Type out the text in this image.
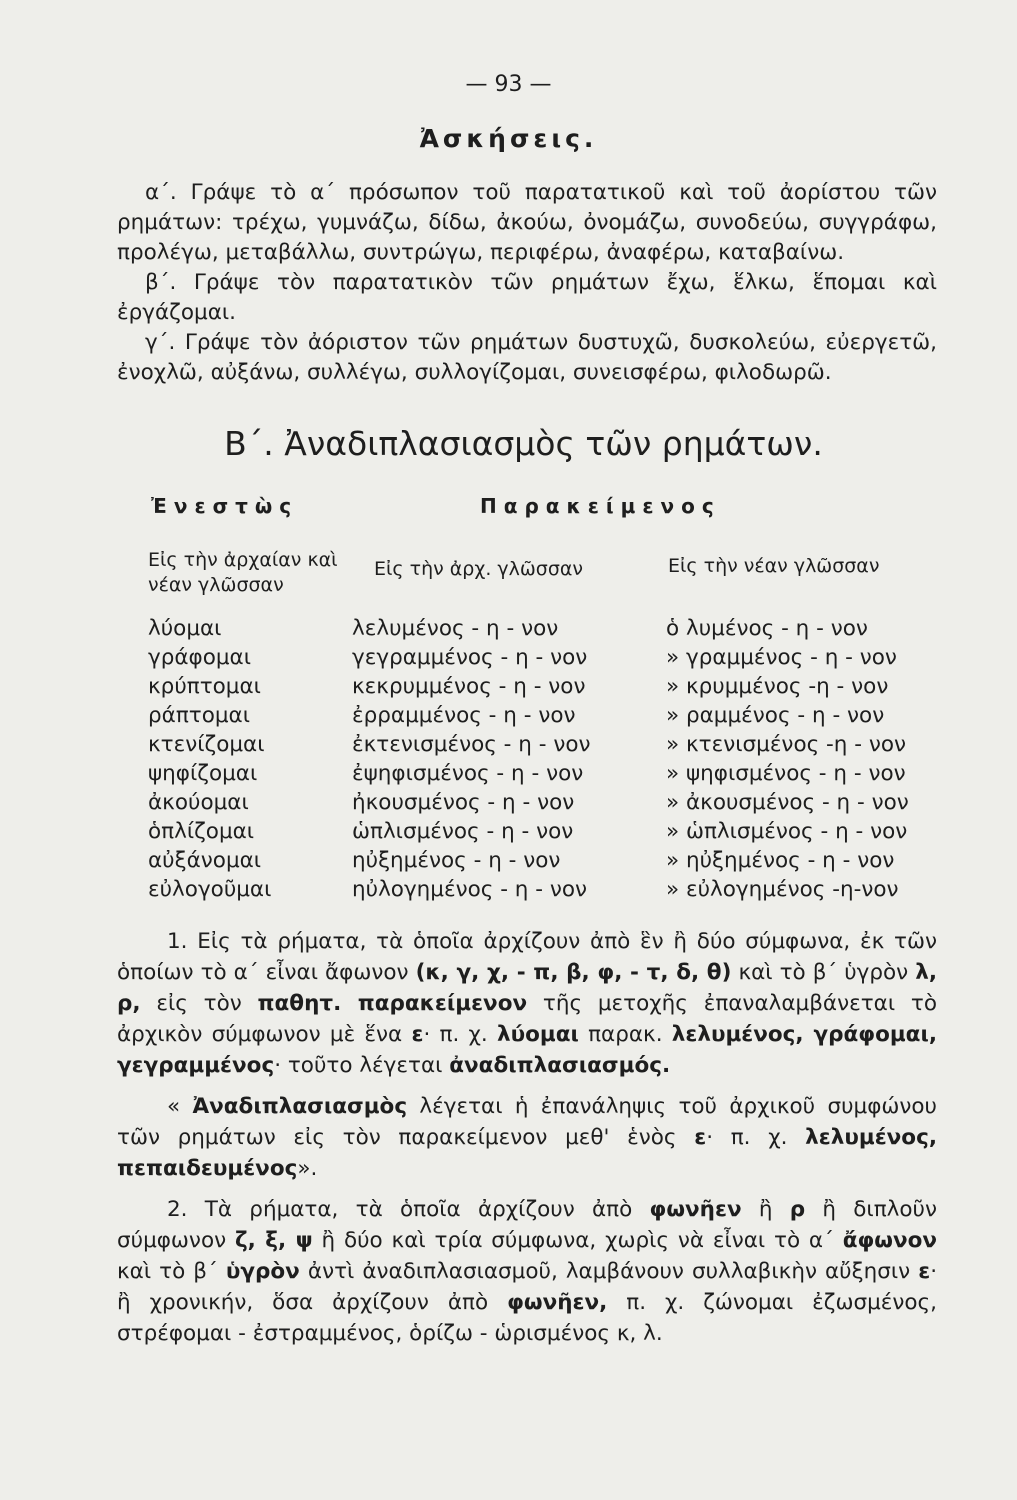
— 93 —
Ἀσκήσεις.

α΄. Γράψε τὸ α΄ πρόσωπον τοῦ παρατατικοῦ καὶ τοῦ ἀορίστου τῶν ρημάτων: τρέχω, γυμνάζω, δίδω, ἀκούω, ὀνομάζω, συνοδεύω, συγγράφω, προλέγω, μεταβάλλω, συντρώγω, περιφέρω, ἀναφέρω, καταβαίνω.

β΄. Γράψε τὸν παρατατικὸν τῶν ρημάτων ἔχω, ἕλκω, ἕπομαι καὶ ἐργάζομαι.

γ΄. Γράψε τὸν ἀόριστον τῶν ρημάτων δυστυχῶ, δυσκολεύω, εὐεργετῶ, ἐνοχλῶ, αὐξάνω, συλλέγω, συλλογίζομαι, συνεισφέρω, φιλοδωρῶ.

Β΄. Ἀναδιπλασιασμὸς τῶν ρημάτων.
Ἐνεστὼς	Παρακείμενος
Εἰς τὴν ἀρχαίαν καὶ νέαν γλῶσσαν
Εἰς τὴν ἀρχ. γλῶσσαν	Εἰς τὴν νέαν γλῶσσαν
λύομαι
γράφομαι
κρύπτομαι
ράπτομαι
κτενίζομαι
ψηφίζομαι
ἀκούομαι
ὁπλίζομαι
αὐξάνομαι
εὐλογοῦμαι
λελυμένος - η - νον
γεγραμμένος - η - νον
κεκρυμμένος - η - νον
ἐρραμμένος - η - νον
ἐκτενισμένος - η - νον
ἐψηφισμένος - η - νον
ἠκουσμένος - η - νον
ὡπλισμένος - η - νον
ηὐξημένος - η - νον
ηὐλογημένος - η - νον
ὁ λυμένος - η - νον
» γραμμένος - η - νον
» κρυμμένος -η - νον
» ραμμένος - η - νον
» κτενισμένος -η - νον
» ψηφισμένος - η - νον
» ἀκουσμένος - η - νον
» ὡπλισμένος - η - νον
» ηὐξημένος - η - νον
» εὐλογημένος -η-νον

1. Εἰς τὰ ρήματα, τὰ ὁποῖα ἀρχίζουν ἀπὸ ἓν ἢ δύο σύμφωνα, ἐκ τῶν ὁποίων τὸ α΄ εἶναι ἄφωνον (κ, γ, χ, - π, β, φ, - τ, δ, θ) καὶ τὸ β΄ ὑγρὸν λ, ρ, εἰς τὸν παθητ. παρακείμενον τῆς μετοχῆς ἐπαναλαμβάνεται τὸ ἀρχικὸν σύμφωνον μὲ ἕνα ε· π. χ. λύομαι παρακ. λελυμένος, γράφομαι, γεγραμμένος· τοῦτο λέγεται ἀναδιπλασιασμός.

« Ἀναδιπλασιασμὸς λέγεται ἡ ἐπανάληψις τοῦ ἀρχικοῦ συμφώνου τῶν ρημάτων εἰς τὸν παρακείμενον μεθ' ἑνὸς ε· π. χ. λελυμένος, πεπαιδευμένος».

2. Τὰ ρήματα, τὰ ὁποῖα ἀρχίζουν ἀπὸ φωνῆεν ἢ ρ ἢ διπλοῦν σύμφωνον ζ, ξ, ψ ἢ δύο καὶ τρία σύμφωνα, χωρὶς νὰ εἶναι τὸ α΄ ἄφωνον καὶ τὸ β΄ ὑγρὸν ἀντὶ ἀναδιπλασιασμοῦ, λαμβάνουν συλλαβικὴν αὔξησιν ε· ἢ χρονικήν, ὅσα ἀρχίζουν ἀπὸ φωνῆεν, π. χ. ζώνομαι ἐζωσμένος, στρέφομαι - ἐστραμμένος, ὁρίζω - ὡρισμένος κ, λ.
